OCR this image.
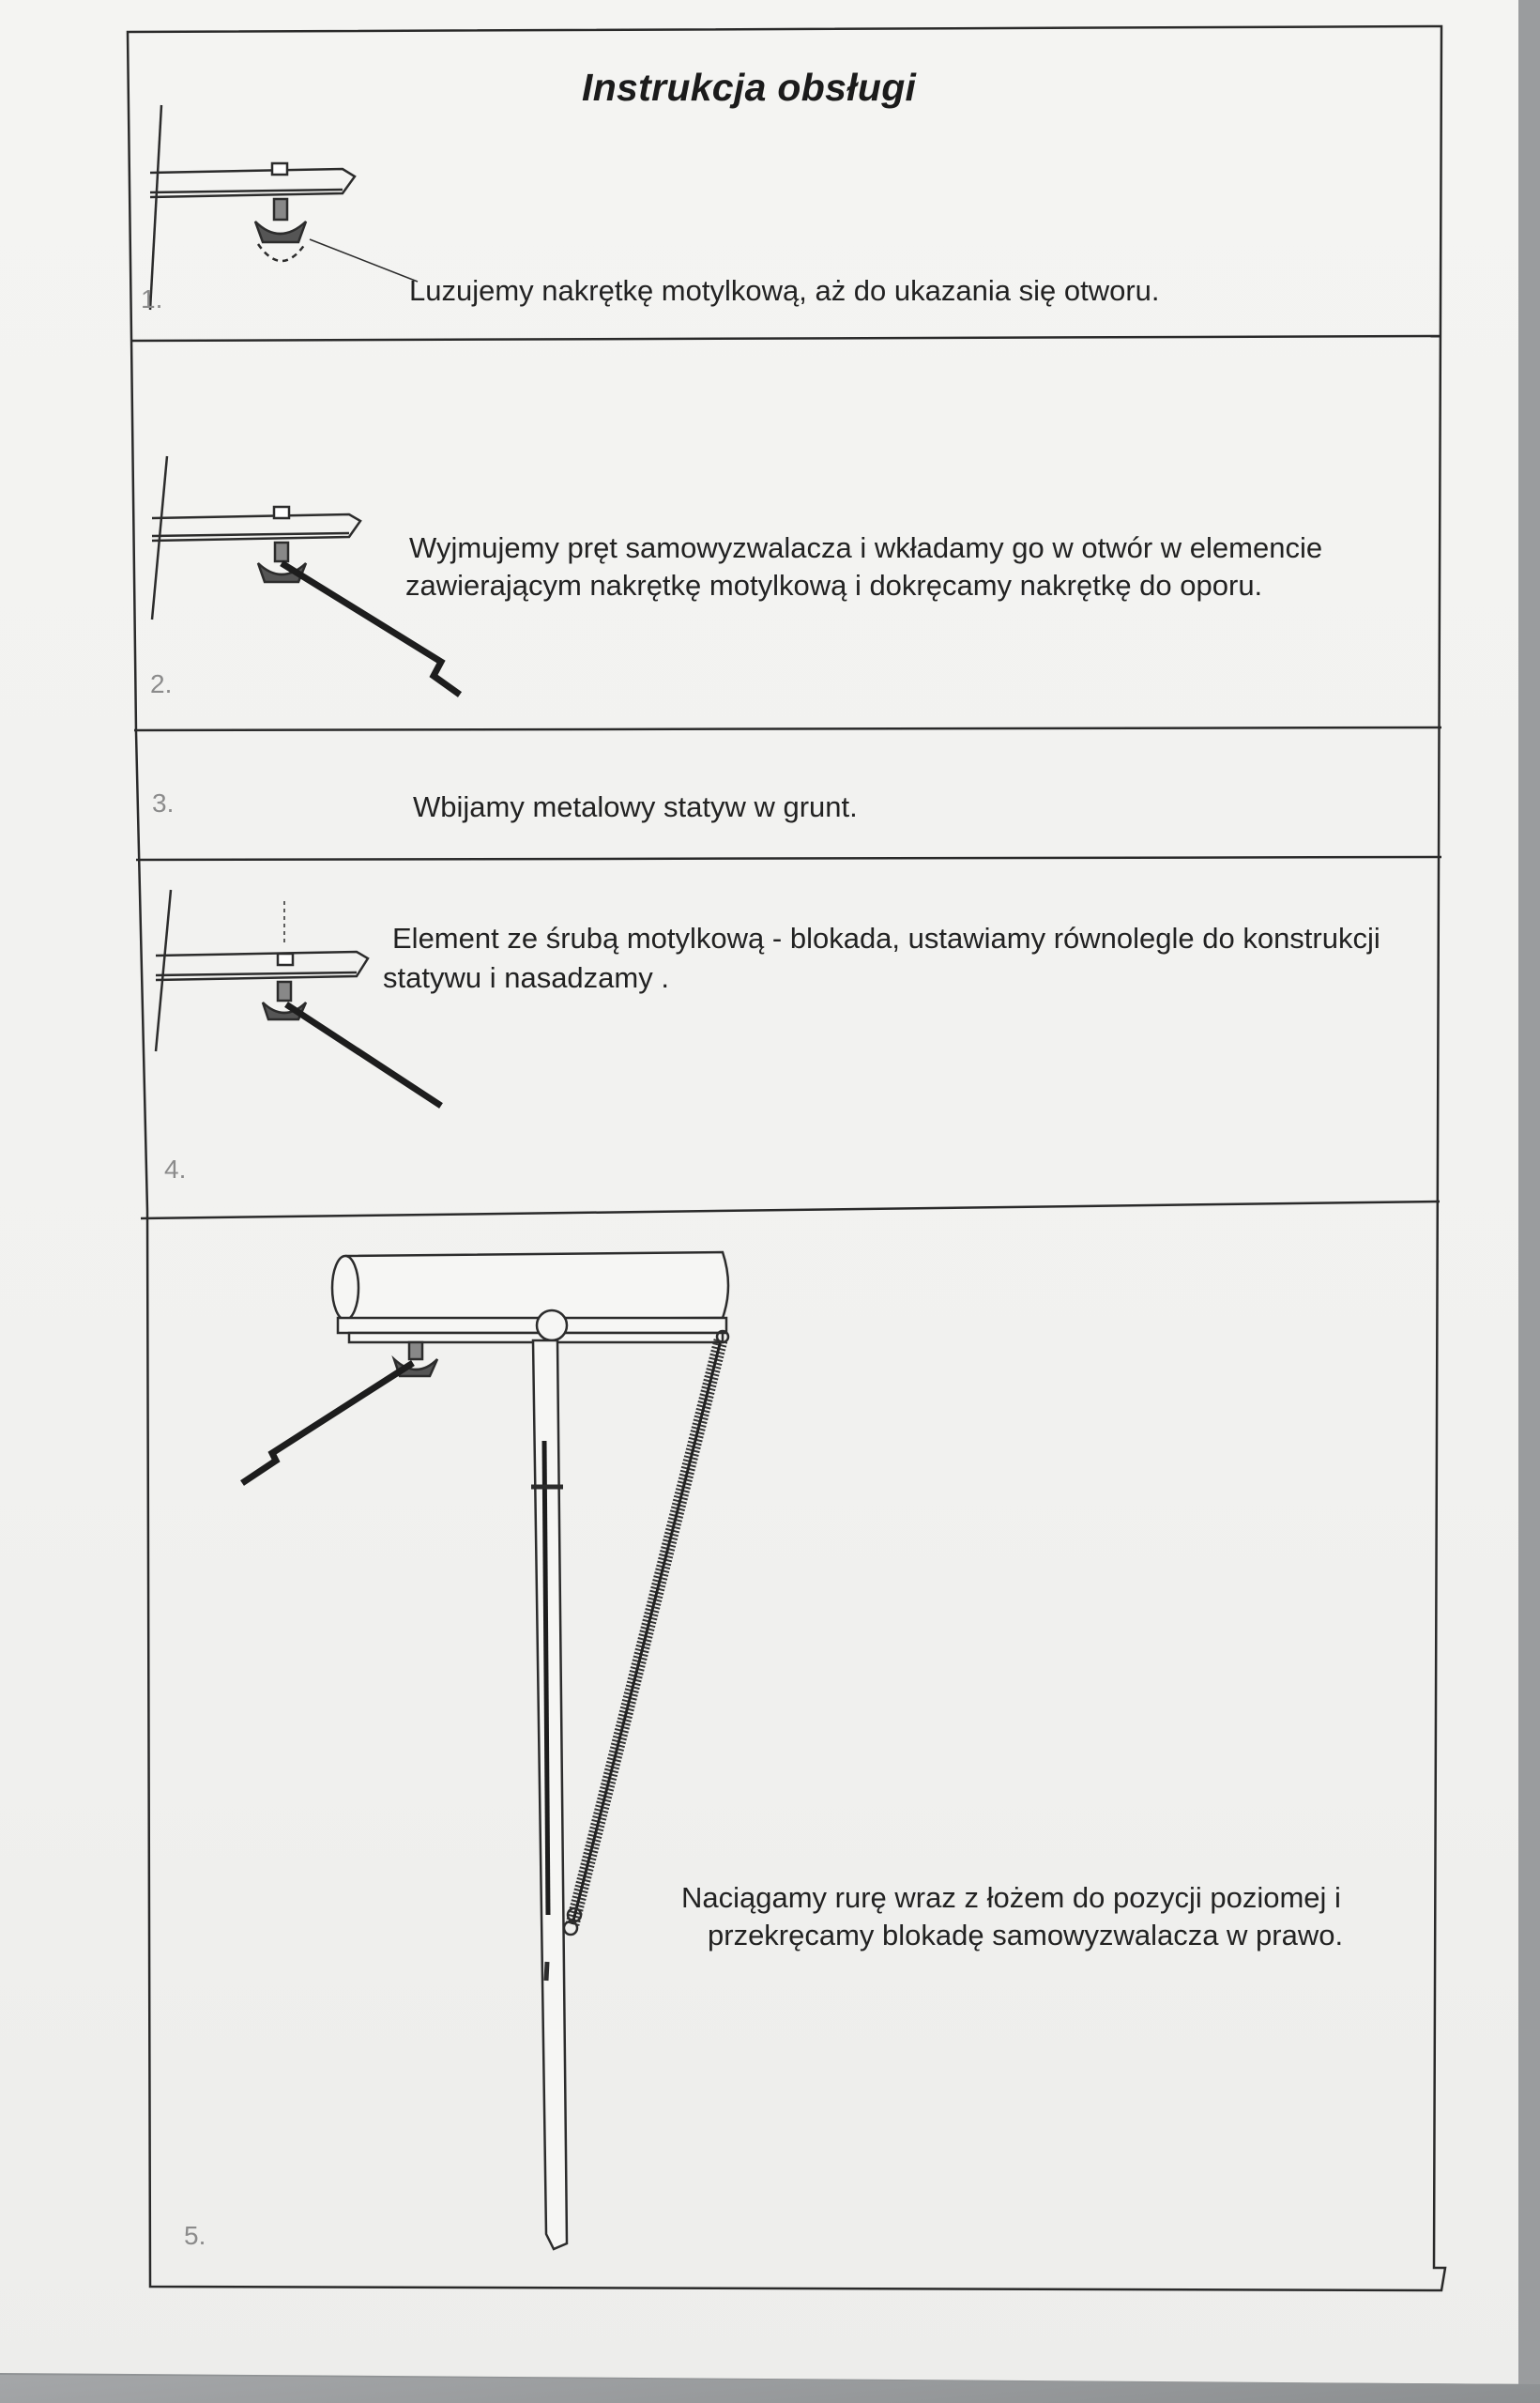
Instrukcja obsługi
1.	Luzujemy nakrętkę motylkową, aż do ukazania się otworu.
2.
Wyjmujemy pręt samowyzwalacza i wkładamy go w otwór w elemencie
zawierającym nakrętkę motylkową i dokręcamy nakrętkę do oporu.
3.	Wbijamy metalowy statyw w grunt.
4.
Element ze śrubą motylkową - blokada, ustawiamy równolegle do konstrukcji
statywu i nasadzamy .
5.
Naciągamy rurę wraz z łożem do pozycji poziomej i
przekręcamy blokadę samowyzwalacza w prawo.
